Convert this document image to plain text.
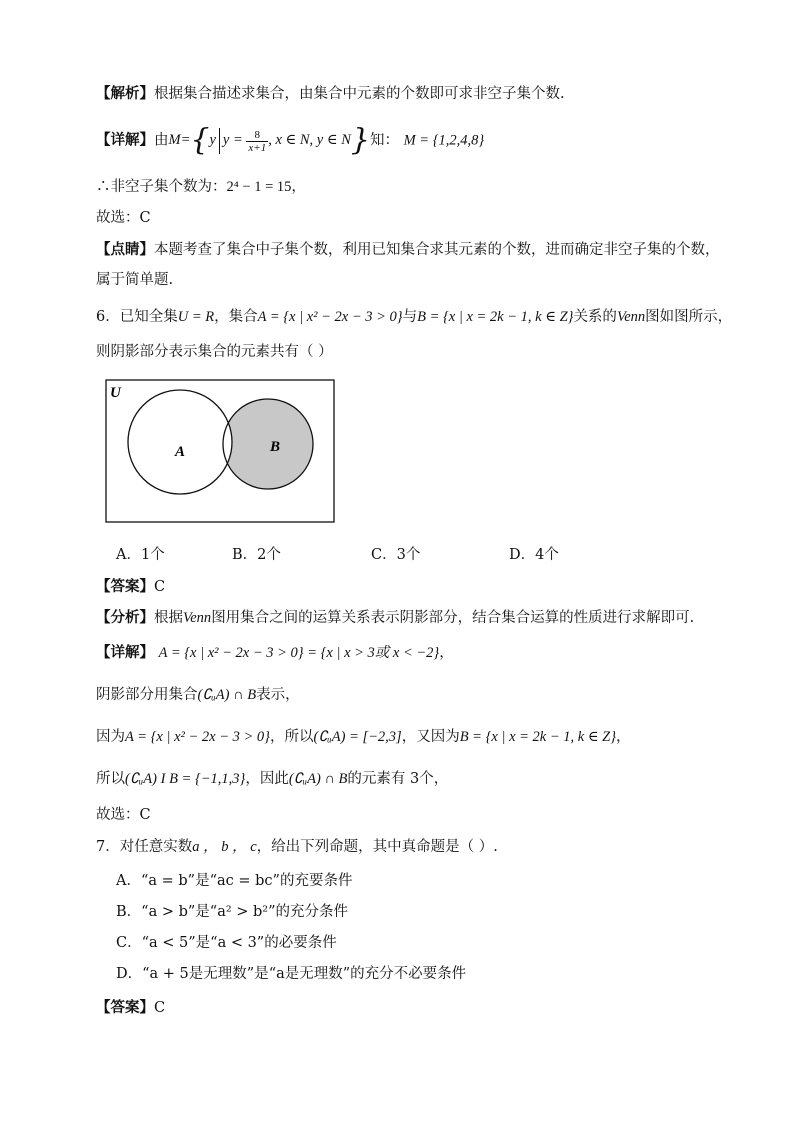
【解析】根据集合描述求集合，由集合中元素的个数即可求非空子集个数.
【详解】由M={y $y = \frac{8}{x+1}$ , x ∈ N, y ∈ N}知： M = {1,2,4,8}
∴非空子集个数为：2⁴ − 1 = 15，
故选：C
【点睛】本题考查了集合中子集个数，利用已知集合求其元素的个数，进而确定非空子集的个数，
属于简单题.
6．已知全集U = R，集合A = {x | x² − 2x − 3 > 0}与B = {x | x = 2k − 1, k ∈ Z}关系的Venn图如图所示，
则阴影部分表示集合的元素共有（ ）
U
A	B
A．1个	B．2个	C．3个	D．4个
【答案】C
【分析】根据Venn图用集合之间的运算关系表示阴影部分，结合集合运算的性质进行求解即可.
【详解】 A = {x | x² − 2x − 3 > 0} = {x | x > 3或 x < −2}，
阴影部分用集合(∁ᵤA) ∩ B表示，
因为A = {x | x² − 2x − 3 > 0}，所以(∁ᵤA) = [−2,3]，又因为B = {x | x = 2k − 1, k ∈ Z}，
所以(∁ᵤA) I B = {−1,1,3}，因此(∁ᵤA) ∩ B的元素有 3个，
故选：C
7．对任意实数a ， b ， c，给出下列命题，其中真命题是（ ）.
A．“a = b”是“ac = bc”的充要条件
B．“a > b”是“a² > b²”的充分条件
C．“a < 5”是“a < 3”的必要条件
D．“a + 5是无理数”是“a是无理数”的充分不必要条件
【答案】C
